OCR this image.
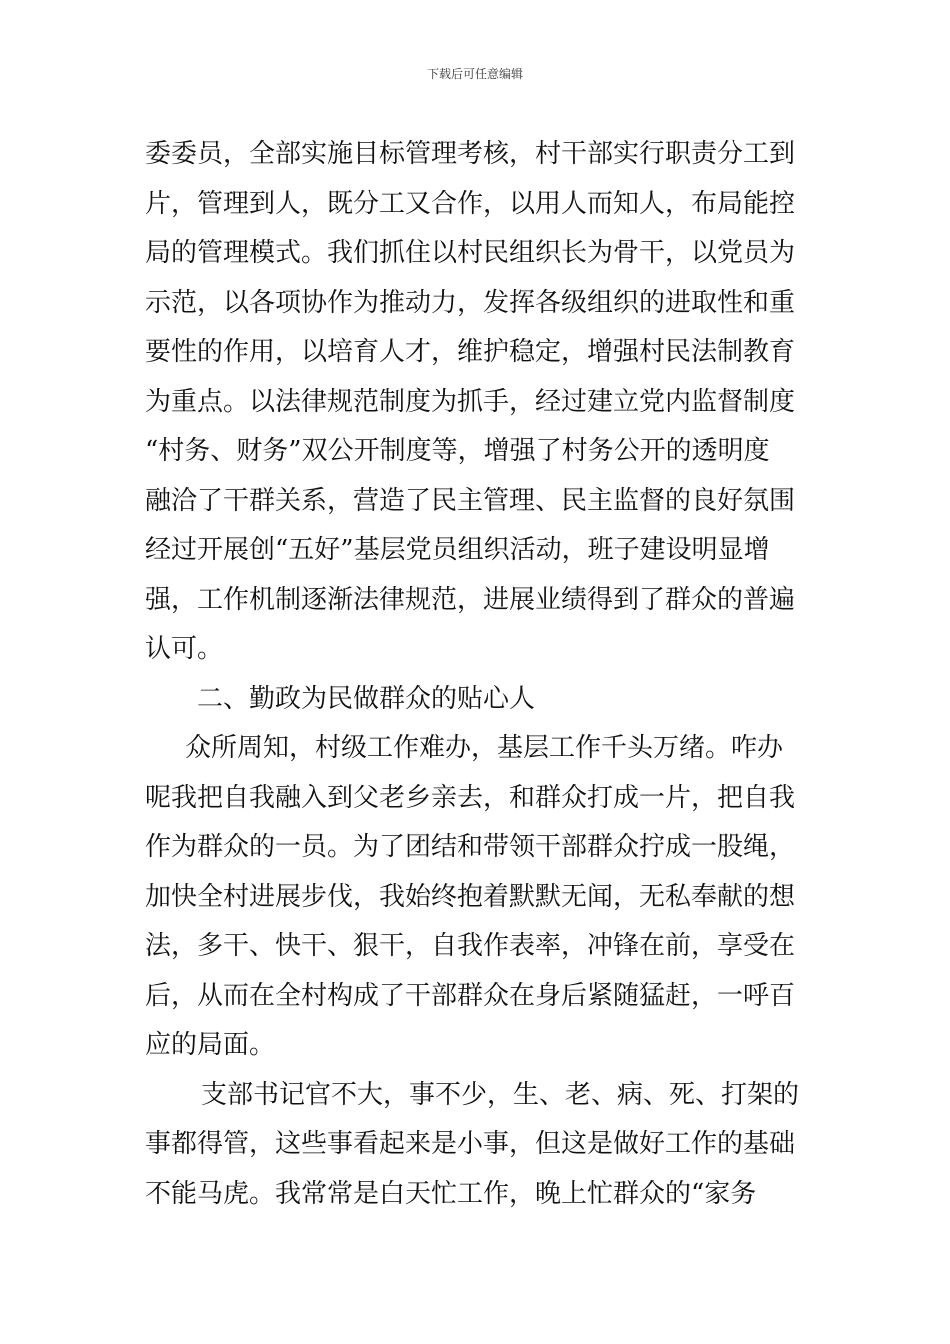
下载后可任意编辑
委委员，全部实施目标管理考核，村干部实行职责分工到
片，管理到人，既分工又合作，以用人而知人，布局能控
局的管理模式。我们抓住以村民组织长为骨干，以党员为
示范，以各项协作为推动力，发挥各级组织的进取性和重
要性的作用，以培育人才，维护稳定，增强村民法制教育
为重点。以法律规范制度为抓手，经过建立党内监督制度
“村务、财务”双公开制度等，增强了村务公开的透明度
融洽了干群关系，营造了民主管理、民主监督的良好氛围
经过开展创“五好”基层党员组织活动，班子建设明显增
强，工作机制逐渐法律规范，进展业绩得到了群众的普遍
认可。
二、勤政为民做群众的贴心人
众所周知，村级工作难办，基层工作千头万绪。咋办
呢我把自我融入到父老乡亲去，和群众打成一片，把自我
作为群众的一员。为了团结和带领干部群众拧成一股绳，
加快全村进展步伐，我始终抱着默默无闻，无私奉献的想
法，多干、快干、狠干，自我作表率，冲锋在前，享受在
后，从而在全村构成了干部群众在身后紧随猛赶，一呼百
应的局面。
支部书记官不大，事不少，生、老、病、死、打架的
事都得管，这些事看起来是小事，但这是做好工作的基础
不能马虎。我常常是白天忙工作，晚上忙群众的“家务
